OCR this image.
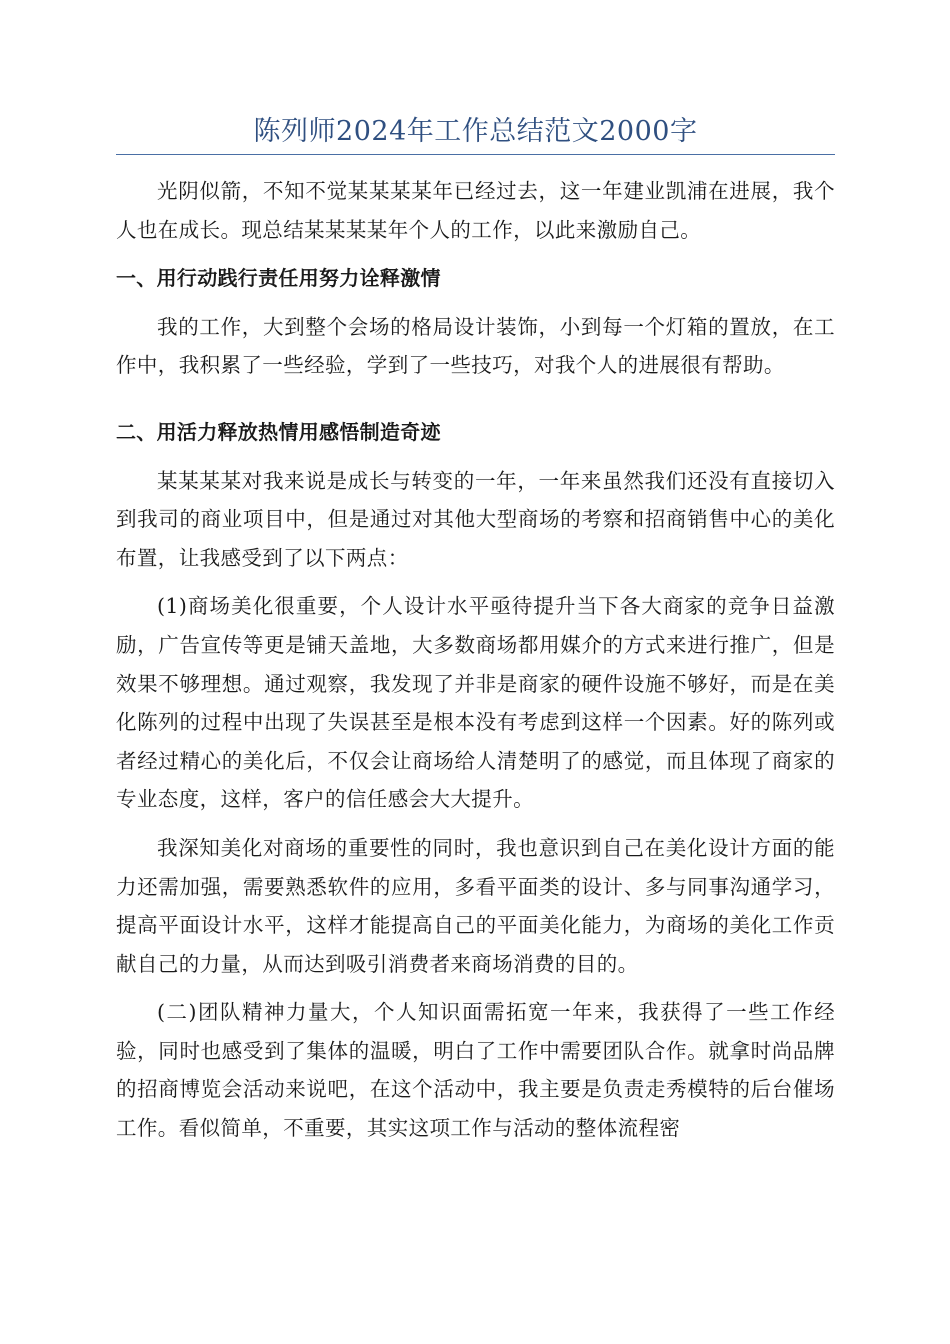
陈列师2024年工作总结范文2000字

光阴似箭，不知不觉某某某某年已经过去，这一年建业凯浦在进展，我个人也在成长。现总结某某某某年个人的工作，以此来激励自己。

一、用行动践行责任用努力诠释激情

我的工作，大到整个会场的格局设计装饰，小到每一个灯箱的置放，在工作中，我积累了一些经验，学到了一些技巧，对我个人的进展很有帮助。

二、用活力释放热情用感悟制造奇迹

某某某某对我来说是成长与转变的一年，一年来虽然我们还没有直接切入到我司的商业项目中，但是通过对其他大型商场的考察和招商销售中心的美化布置，让我感受到了以下两点：

(1)商场美化很重要，个人设计水平亟待提升当下各大商家的竞争日益激励，广告宣传等更是铺天盖地，大多数商场都用媒介的方式来进行推广，但是效果不够理想。通过观察，我发现了并非是商家的硬件设施不够好，而是在美化陈列的过程中出现了失误甚至是根本没有考虑到这样一个因素。好的陈列或者经过精心的美化后，不仅会让商场给人清楚明了的感觉，而且体现了商家的专业态度，这样，客户的信任感会大大提升。

我深知美化对商场的重要性的同时，我也意识到自己在美化设计方面的能力还需加强，需要熟悉软件的应用，多看平面类的设计、多与同事沟通学习，提高平面设计水平，这样才能提高自己的平面美化能力，为商场的美化工作贡献自己的力量，从而达到吸引消费者来商场消费的目的。

(二)团队精神力量大，个人知识面需拓宽一年来，我获得了一些工作经验，同时也感受到了集体的温暖，明白了工作中需要团队合作。就拿时尚品牌的招商博览会活动来说吧，在这个活动中，我主要是负责走秀模特的后台催场工作。看似简单，不重要，其实这项工作与活动的整体流程密
